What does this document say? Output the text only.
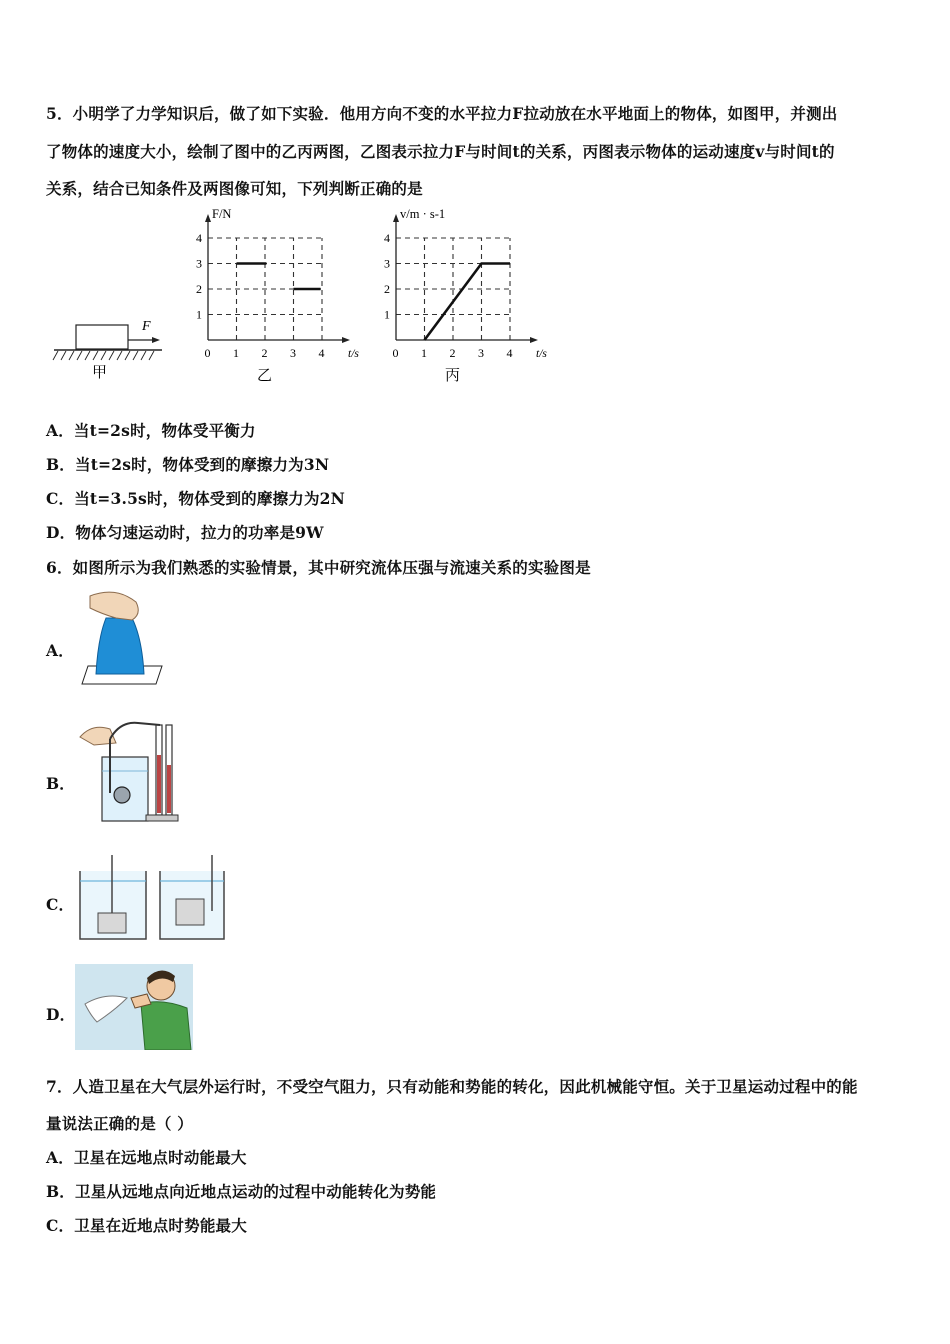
5．小明学了力学知识后，做了如下实验．他用方向不变的水平拉力F拉动放在水平地面上的物体，如图甲，并测出
了物体的速度大小，绘制了图中的乙丙两图，乙图表示拉力F与时间t的关系，丙图表示物体的运动速度v与时间t的
关系，结合已知条件及两图像可知，下列判断正确的是
F
甲
0 1 2 3 4
1
2
3
4
t/s
F/N
乙
0 1 2 3 4
1
2
3
4
t/s
v/m · s-1
丙
A．当t=2s时，物体受平衡力
B．当t=2s时，物体受到的摩擦力为3N
C．当t=3.5s时，物体受到的摩擦力为2N
D．物体匀速运动时，拉力的功率是9W
6．如图所示为我们熟悉的实验情景，其中研究流体压强与流速关系的实验图是
A．
B．
C．
D．
7．人造卫星在大气层外运行时，不受空气阻力，只有动能和势能的转化，因此机械能守恒。关于卫星运动过程中的能
量说法正确的是（ ）
A．卫星在远地点时动能最大
B．卫星从远地点向近地点运动的过程中动能转化为势能
C．卫星在近地点时势能最大
